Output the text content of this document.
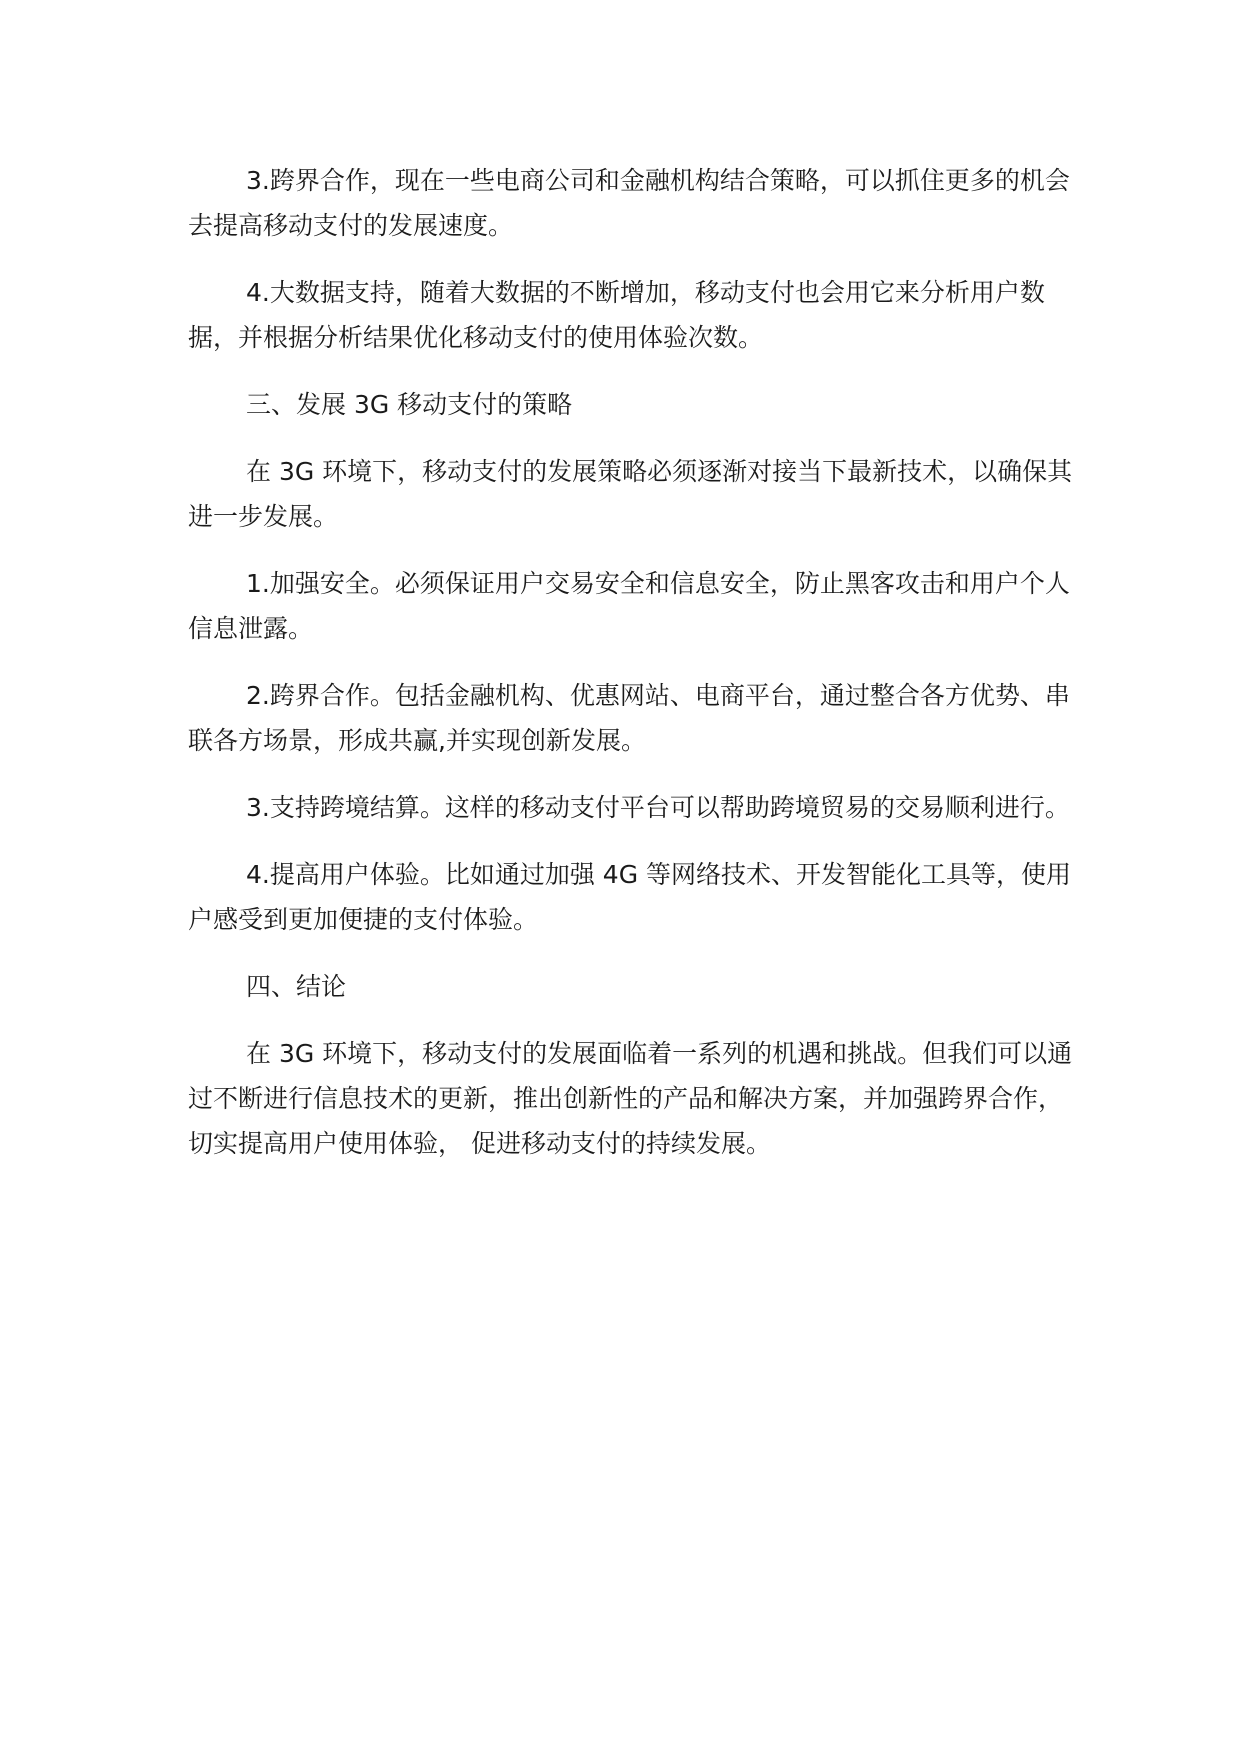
3.跨界合作，现在一些电商公司和金融机构结合策略，可以抓住更多的机会去提高移动支付的发展速度。

4.大数据支持，随着大数据的不断增加，移动支付也会用它来分析用户数据，并根据分析结果优化移动支付的使用体验次数。

三、发展 3G 移动支付的策略

在 3G 环境下，移动支付的发展策略必须逐渐对接当下最新技术，以确保其进一步发展。

1.加强安全。必须保证用户交易安全和信息安全，防止黑客攻击和用户个人信息泄露。

2.跨界合作。包括金融机构、优惠网站、电商平台，通过整合各方优势、串联各方场景，形成共赢,并实现创新发展。

3.支持跨境结算。这样的移动支付平台可以帮助跨境贸易的交易顺利进行。

4.提高用户体验。比如通过加强 4G 等网络技术、开发智能化工具等，使用户感受到更加便捷的支付体验。

四、结论

在 3G 环境下，移动支付的发展面临着一系列的机遇和挑战。但我们可以通过不断进行信息技术的更新，推出创新性的产品和解决方案，并加强跨界合作，切实提高用户使用体验， 促进移动支付的持续发展。
